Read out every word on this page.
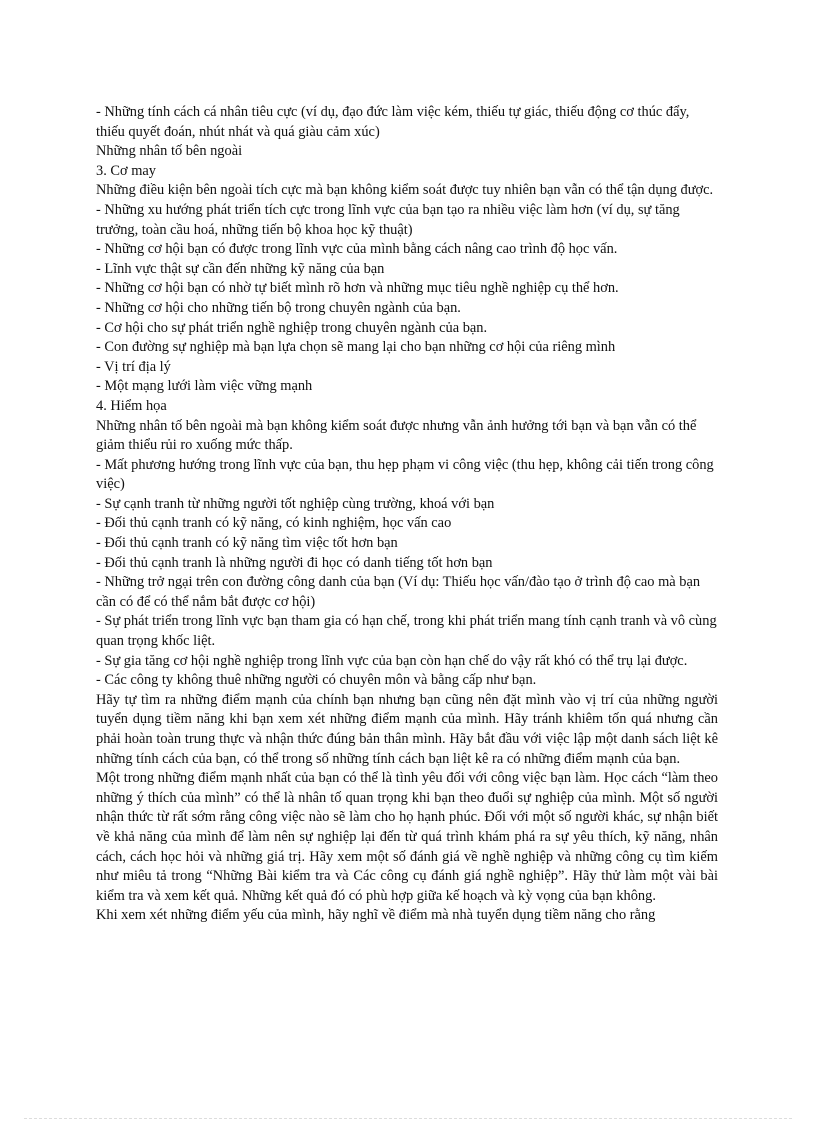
- Những tính cách cá nhân tiêu cực (ví dụ, đạo đức làm việc kém, thiếu tự giác, thiếu động cơ thúc đẩy, thiếu quyết đoán, nhút nhát và quá giàu cảm xúc)

Những nhân tố bên ngoài

3. Cơ may

Những điều kiện bên ngoài tích cực mà bạn không kiểm soát được tuy nhiên bạn vẫn có thể tận dụng được.

- Những xu hướng phát triển tích cực trong lĩnh vực của bạn tạo ra nhiều việc làm hơn (ví dụ, sự tăng trưởng, toàn cầu hoá, những tiến bộ khoa học kỹ thuật)

- Những cơ hội bạn có được trong lĩnh vực của mình bằng cách nâng cao trình độ học vấn.

- Lĩnh vực thật sự cần đến những kỹ năng của bạn

- Những cơ hội bạn có nhờ tự biết mình rõ hơn và những mục tiêu nghề nghiệp cụ thể hơn.

- Những cơ hội cho những tiến bộ trong chuyên ngành của bạn.

- Cơ hội cho sự phát triển nghề nghiệp trong chuyên ngành của bạn.

- Con đường sự nghiệp mà bạn lựa chọn sẽ mang lại cho bạn những cơ hội của riêng mình

- Vị trí địa lý

- Một mạng lưới làm việc vững mạnh

4. Hiểm họa

Những nhân tố bên ngoài mà bạn không kiểm soát được nhưng vẫn ảnh hưởng tới bạn và bạn vẫn có thể giảm thiểu rủi ro xuống mức thấp.

- Mất phương hướng trong lĩnh vực của bạn, thu hẹp phạm vi công việc (thu hẹp, không cải tiến trong công việc)

- Sự cạnh tranh từ những người tốt nghiệp cùng trường, khoá với bạn

- Đối thủ cạnh tranh có kỹ năng, có kinh nghiệm, học vấn cao

- Đối thủ cạnh tranh có kỹ năng tìm việc tốt hơn bạn

- Đối thủ cạnh tranh là những người đi học có danh tiếng tốt hơn bạn

- Những trở ngại trên con đường công danh của bạn (Ví dụ: Thiếu học vấn/đào tạo ở trình độ cao mà bạn cần có để có thể nắm bắt được cơ hội)

- Sự phát triển trong lĩnh vực bạn tham gia có hạn chế, trong khi phát triển mang tính cạnh tranh và vô cùng quan trọng khốc liệt.

- Sự gia tăng cơ hội nghề nghiệp trong lĩnh vực của bạn còn hạn chế do vậy rất khó có thể trụ lại được.

- Các công ty không thuê những người có chuyên môn và bằng cấp như bạn.

Hãy tự tìm ra những điểm mạnh của chính bạn nhưng bạn cũng nên đặt mình vào vị trí của những người tuyển dụng tiềm năng khi bạn xem xét những điểm mạnh của mình. Hãy tránh khiêm tốn quá nhưng cần phải hoàn toàn trung thực và nhận thức đúng bản thân mình. Hãy bắt đầu với việc lập một danh sách liệt kê những tính cách của bạn, có thể trong số những tính cách bạn liệt kê ra có những điểm mạnh của bạn.

Một trong những điểm mạnh nhất của bạn có thể là tình yêu đối với công việc bạn làm. Học cách “làm theo những ý thích của mình” có thể là nhân tố quan trọng khi bạn theo đuổi sự nghiệp của mình. Một số người nhận thức từ rất sớm rằng công việc nào sẽ làm cho họ hạnh phúc. Đối với một số người khác, sự nhận biết về khả năng của mình để làm nên sự nghiệp lại đến từ quá trình khám phá ra sự yêu thích, kỹ năng, nhân cách, cách học hỏi và những giá trị. Hãy xem một số đánh giá về nghề nghiệp và những công cụ tìm kiếm như miêu tả trong “Những Bài kiểm tra và Các công cụ đánh giá nghề nghiệp”. Hãy thử làm một vài bài kiểm tra và xem kết quả. Những kết quả đó có phù hợp giữa kế hoạch và kỳ vọng của bạn không.

Khi xem xét những điểm yếu của mình, hãy nghĩ về điểm mà nhà tuyển dụng tiềm năng cho rằng
